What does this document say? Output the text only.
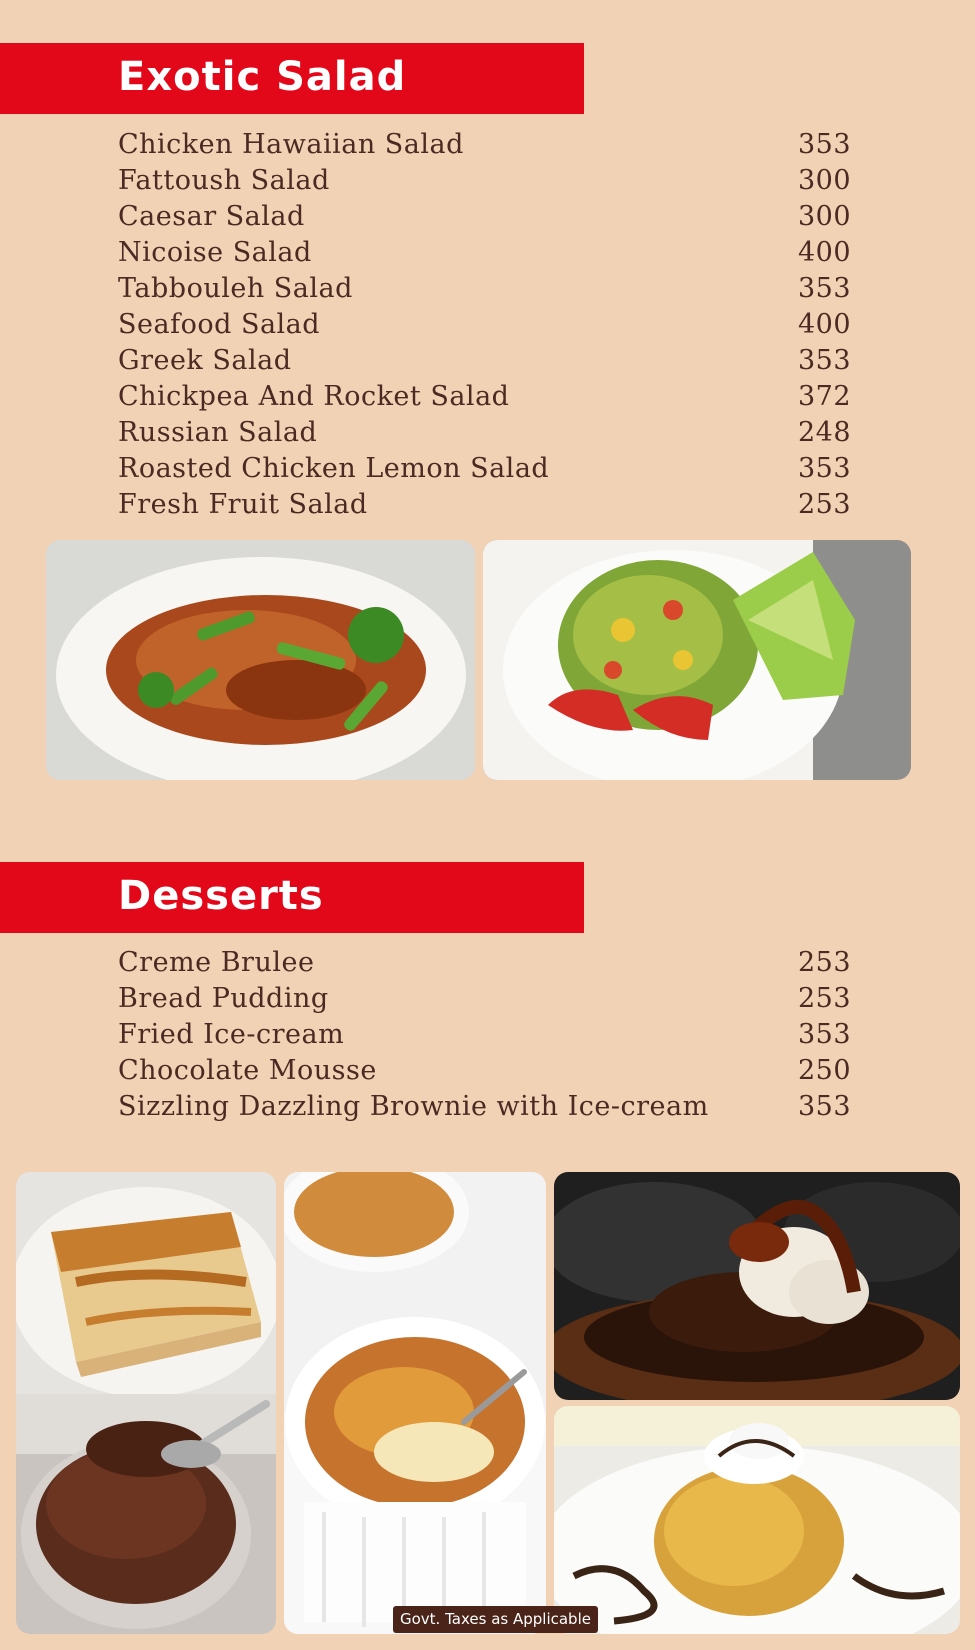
Exotic Salad
Chicken Hawaiian Salad	353
Fattoush Salad	300
Caesar Salad	300
Nicoise Salad	400
Tabbouleh Salad	353
Seafood Salad	400
Greek Salad	353
Chickpea And Rocket Salad	372
Russian Salad	248
Roasted Chicken Lemon Salad	353
Fresh Fruit Salad	253
Desserts
Creme Brulee	253
Bread Pudding	253
Fried Ice-cream	353
Chocolate Mousse	250
Sizzling Dazzling Brownie with Ice-cream	353
Govt. Taxes as Applicable
